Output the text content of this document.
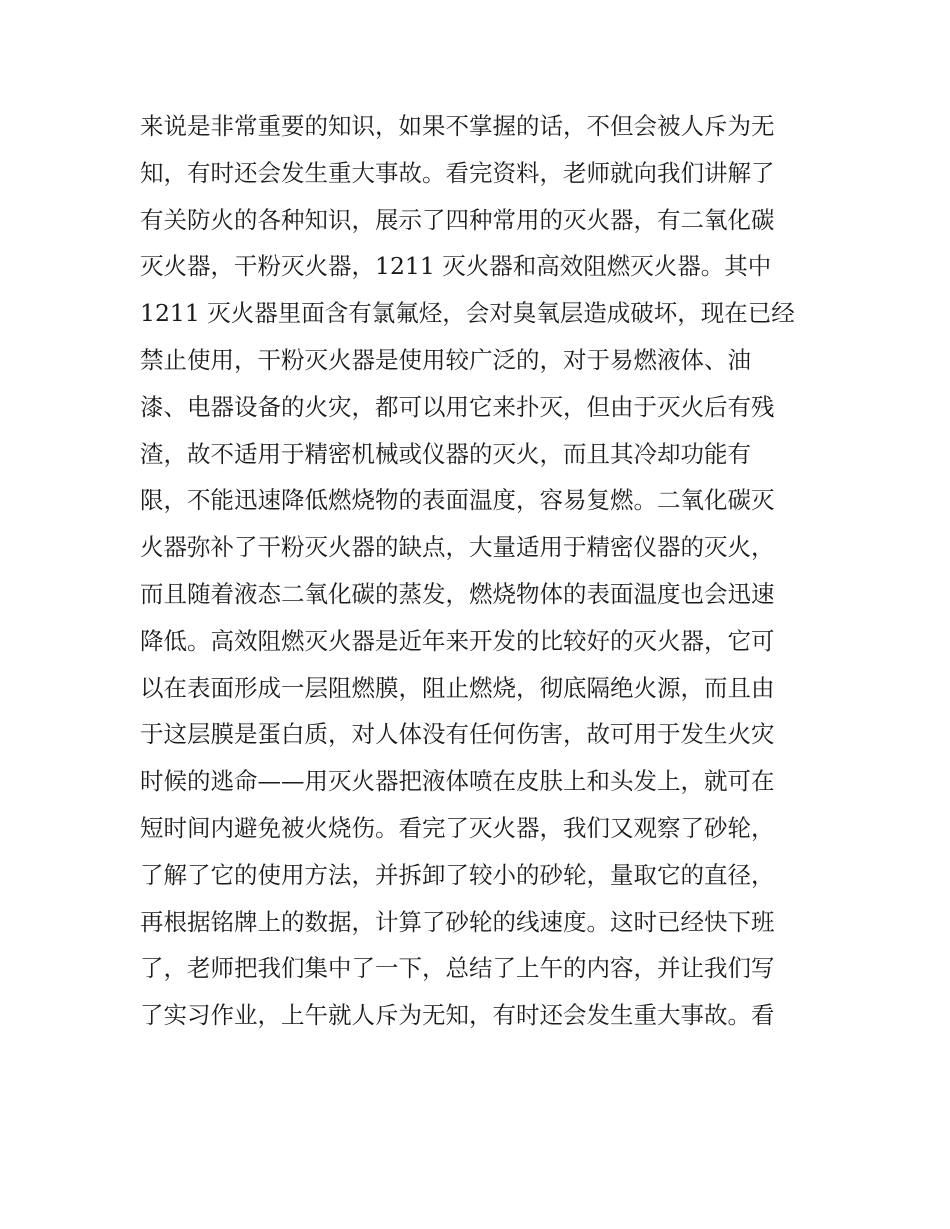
来说是非常重要的知识，如果不掌握的话，不但会被人斥为无
知，有时还会发生重大事故。看完资料，老师就向我们讲解了
有关防火的各种知识，展示了四种常用的灭火器，有二氧化碳
灭火器，干粉灭火器，1211 灭火器和高效阻燃灭火器。其中
1211 灭火器里面含有氯氟烃，会对臭氧层造成破坏，现在已经
禁止使用，干粉灭火器是使用较广泛的，对于易燃液体、油
漆、电器设备的火灾，都可以用它来扑灭，但由于灭火后有残
渣，故不适用于精密机械或仪器的灭火，而且其冷却功能有
限，不能迅速降低燃烧物的表面温度，容易复燃。二氧化碳灭
火器弥补了干粉灭火器的缺点，大量适用于精密仪器的灭火，
而且随着液态二氧化碳的蒸发，燃烧物体的表面温度也会迅速
降低。高效阻燃灭火器是近年来开发的比较好的灭火器，它可
以在表面形成一层阻燃膜，阻止燃烧，彻底隔绝火源，而且由
于这层膜是蛋白质，对人体没有任何伤害，故可用于发生火灾
时候的逃命——用灭火器把液体喷在皮肤上和头发上，就可在
短时间内避免被火烧伤。看完了灭火器，我们又观察了砂轮，
了解了它的使用方法，并拆卸了较小的砂轮，量取它的直径，
再根据铭牌上的数据，计算了砂轮的线速度。这时已经快下班
了，老师把我们集中了一下，总结了上午的内容，并让我们写
了实习作业，上午就人斥为无知，有时还会发生重大事故。看
